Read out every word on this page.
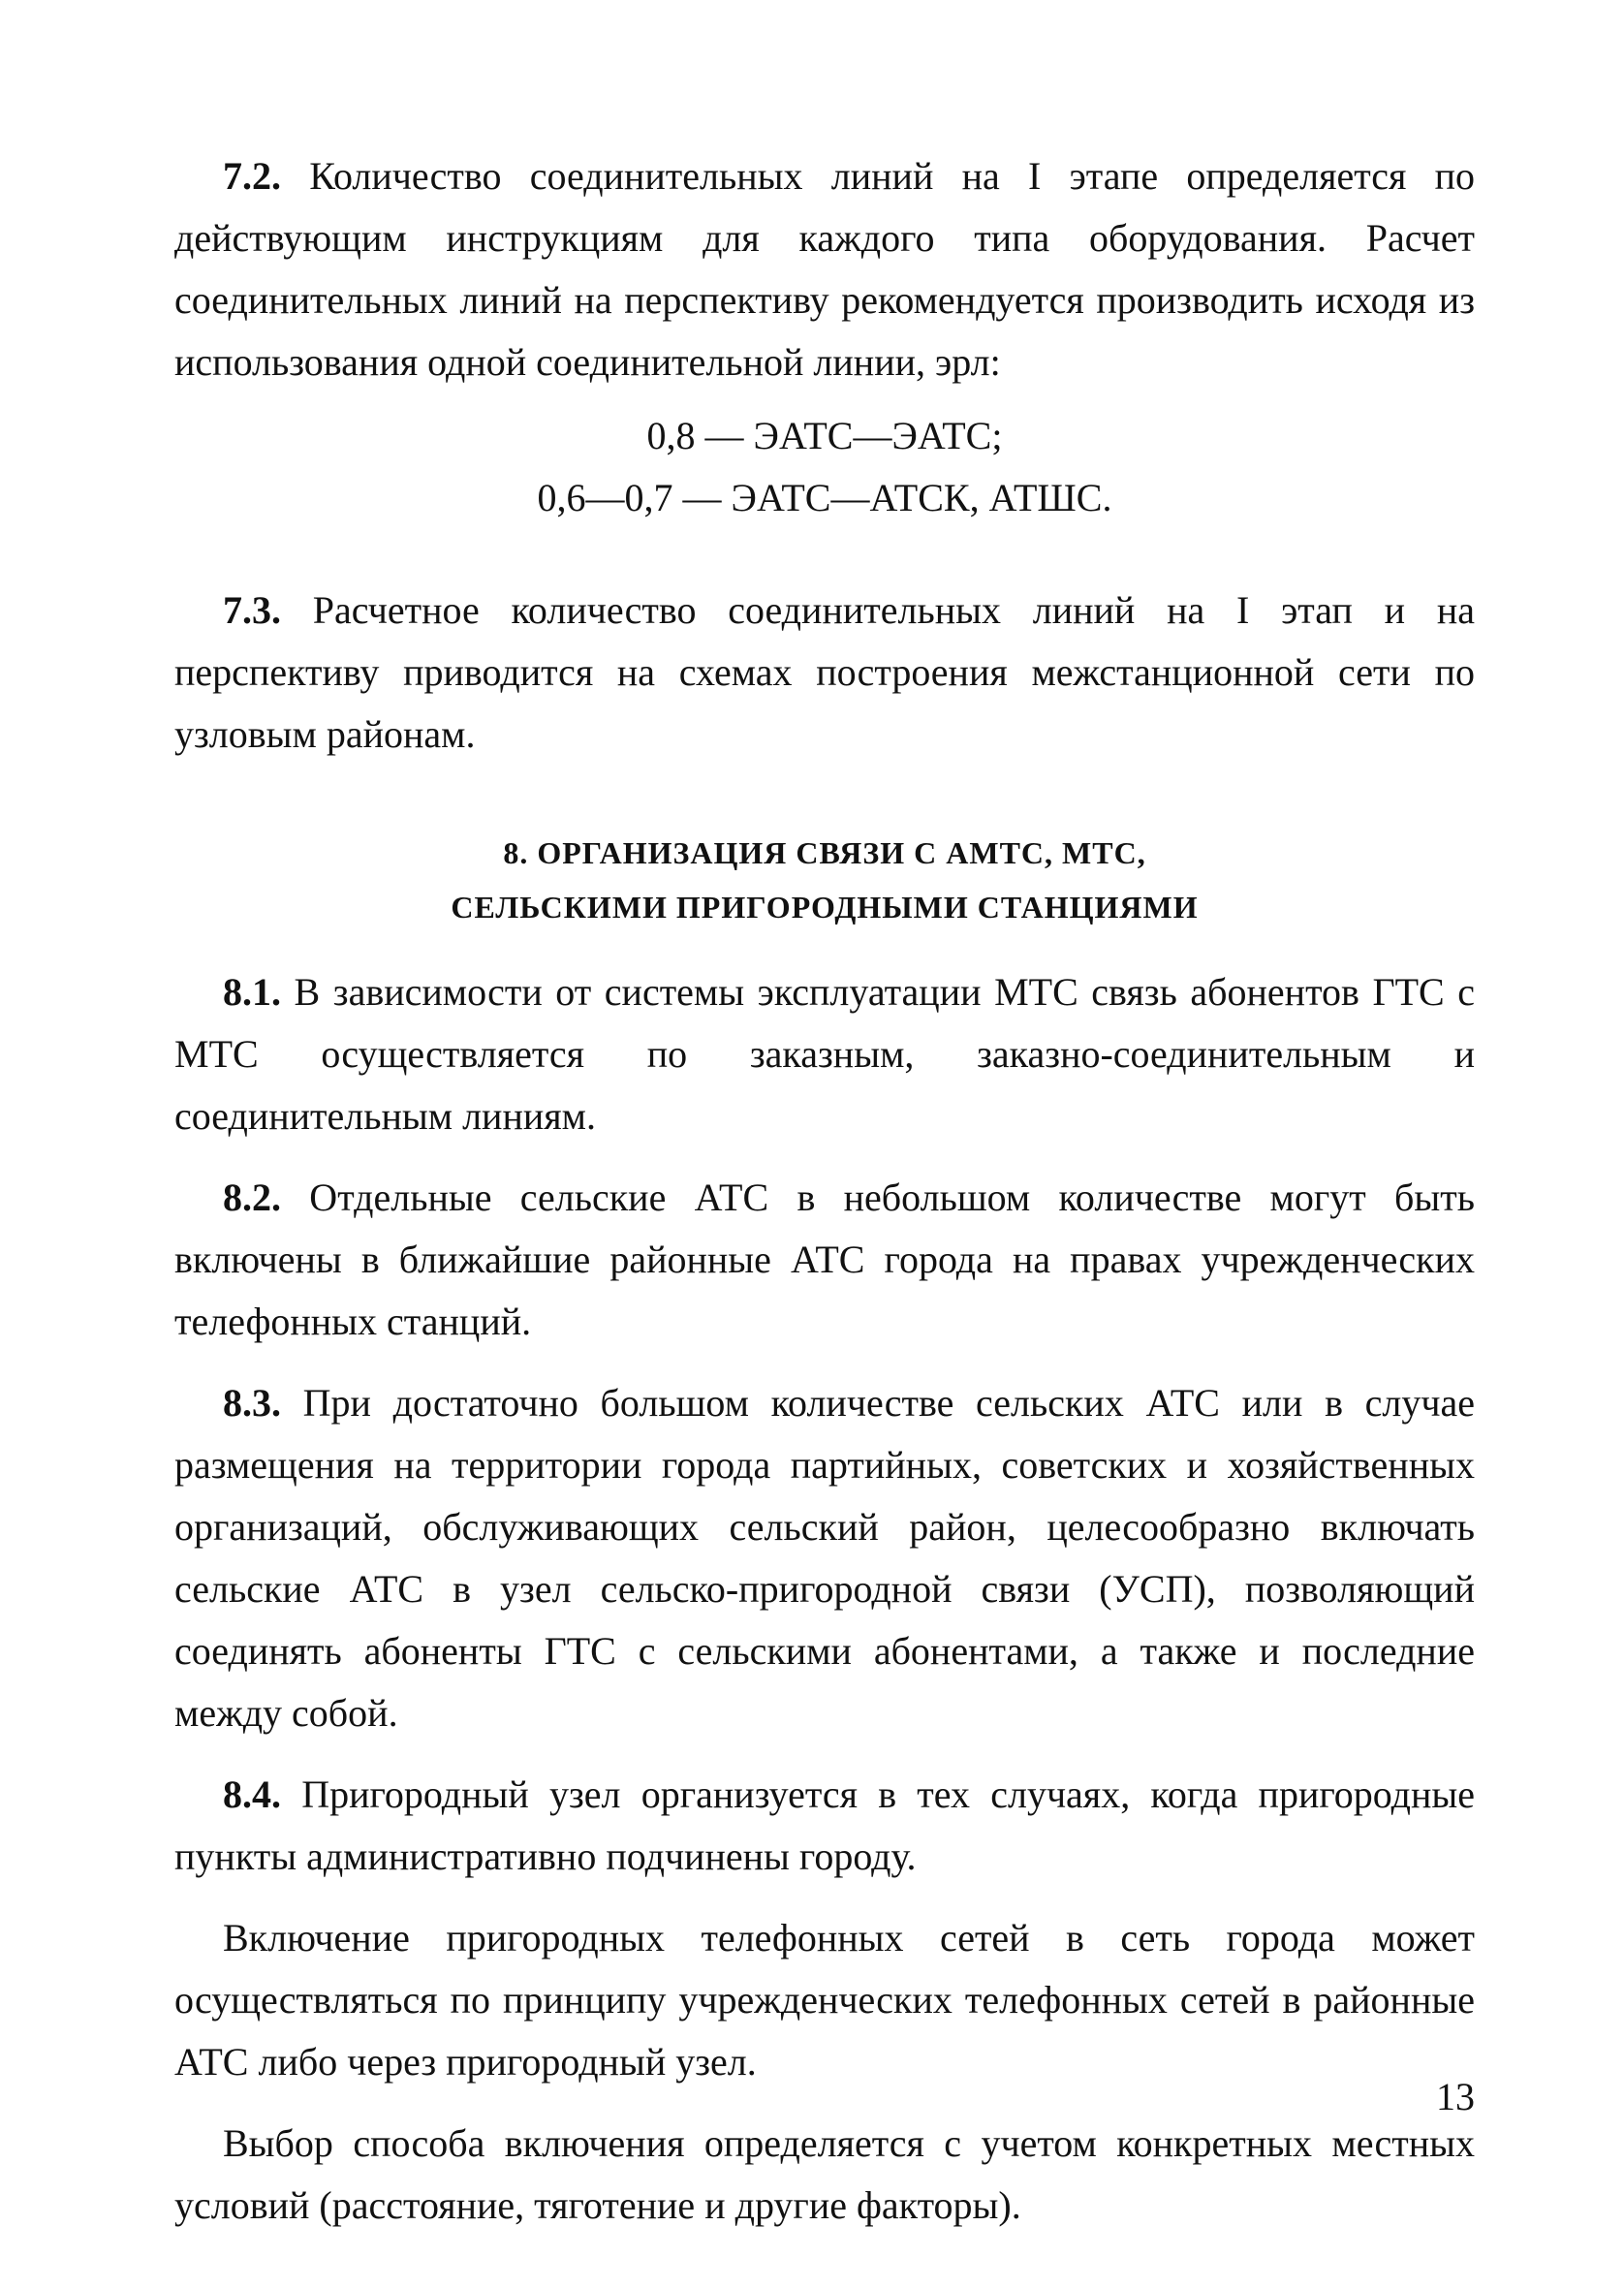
7.2. Количество соединительных линий на I этапе определяется по действующим инструкциям для каждого типа оборудования. Расчет соединительных линий на перспективу рекомендуется производить исходя из использования одной соединительной линии, эрл:

0,8 — ЭАТС—ЭАТС;
0,6—0,7 — ЭАТС—АТСК, АТШС.

7.3. Расчетное количество соединительных линий на I этап и на перспективу приводится на схемах построения межстанционной сети по узловым районам.

8. ОРГАНИЗАЦИЯ СВЯЗИ С АМТС, МТС,
СЕЛЬСКИМИ ПРИГОРОДНЫМИ СТАНЦИЯМИ

8.1. В зависимости от системы эксплуатации МТС связь абонентов ГТС с МТС осуществляется по заказным, заказно-соединительным и соединительным линиям.

8.2. Отдельные сельские АТС в небольшом количестве могут быть включены в ближайшие районные АТС города на правах учрежденческих телефонных станций.

8.3. При достаточно большом количестве сельских АТС или в случае размещения на территории города партийных, советских и хозяйственных организаций, обслуживающих сельский район, целесообразно включать сельские АТС в узел сельско-пригородной связи (УСП), позволяющий соединять абоненты ГТС с сельскими абонентами, а также и последние между собой.

8.4. Пригородный узел организуется в тех случаях, когда пригородные пункты административно подчинены городу.

Включение пригородных телефонных сетей в сеть города может осуществляться по принципу учрежденческих телефонных сетей в районные АТС либо через пригородный узел.

Выбор способа включения определяется с учетом конкретных местных условий (расстояние, тяготение и другие факторы).

13
